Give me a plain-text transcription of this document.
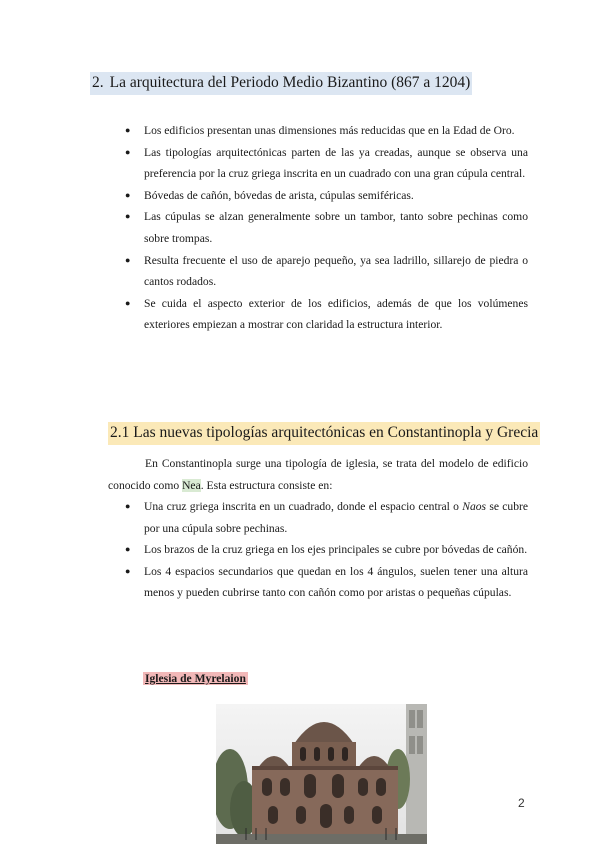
2. La arquitectura del Periodo Medio Bizantino (867 a 1204)
● Los edificios presentan unas dimensiones más reducidas que en la Edad de Oro.
● Las tipologías arquitectónicas parten de las ya creadas, aunque se observa una preferencia por la cruz griega inscrita en un cuadrado con una gran cúpula central.
● Bóvedas de cañón, bóvedas de arista, cúpulas semiféricas.
● Las cúpulas se alzan generalmente sobre un tambor, tanto sobre pechinas como sobre trompas.
● Resulta frecuente el uso de aparejo pequeño, ya sea ladrillo, sillarejo de piedra o cantos rodados.
● Se cuida el aspecto exterior de los edificios, además de que los volúmenes exteriores empiezan a mostrar con claridad la estructura interior.
2.1 Las nuevas tipologías arquitectónicas en Constantinopla y Grecia
En Constantinopla surge una tipología de iglesia, se trata del modelo de edificio conocido como Nea. Esta estructura consiste en:
● Una cruz griega inscrita en un cuadrado, donde el espacio central o Naos se cubre por una cúpula sobre pechinas.
● Los brazos de la cruz griega en los ejes principales se cubre por bóvedas de cañón.
● Los 4 espacios secundarios que quedan en los 4 ángulos, suelen tener una altura menos y pueden cubrirse tanto con cañón como por aristas o pequeñas cúpulas.
Iglesia de Myrelaion
2
